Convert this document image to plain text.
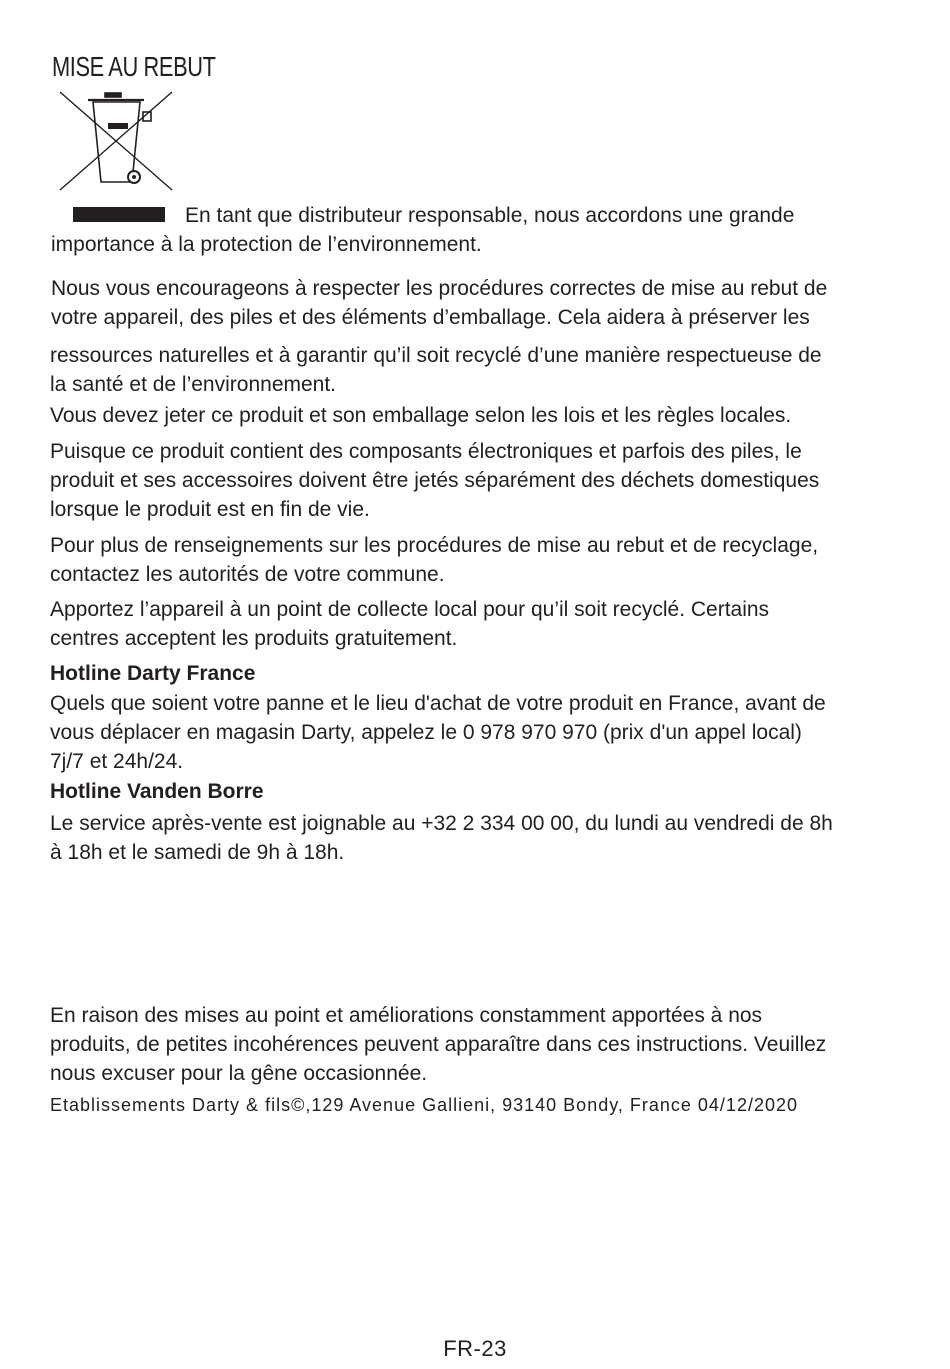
MISE AU REBUT
En tant que distributeur responsable, nous accordons une grande
importance à la protection de l’environnement.
Nous vous encourageons à respecter les procédures correctes de mise au rebut de
votre appareil, des piles et des éléments d’emballage. Cela aidera à préserver les
ressources naturelles et à garantir qu’il soit recyclé d’une manière respectueuse de
la santé et de l’environnement.
Vous devez jeter ce produit et son emballage selon les lois et les règles locales.
Puisque ce produit contient des composants électroniques et parfois des piles, le
produit et ses accessoires doivent être jetés séparément des déchets domestiques
lorsque le produit est en fin de vie.
Pour plus de renseignements sur les procédures de mise au rebut et de recyclage,
contactez les autorités de votre commune.
Apportez l’appareil à un point de collecte local pour qu’il soit recyclé. Certains
centres acceptent les produits gratuitement.
Hotline Darty France
Quels que soient votre panne et le lieu d'achat de votre produit en France, avant de
vous déplacer en magasin Darty, appelez le 0 978 970 970 (prix d'un appel local)
7j/7 et 24h/24.
Hotline Vanden Borre
Le service après-vente est joignable au +32 2 334 00 00, du lundi au vendredi de 8h
à 18h et le samedi de 9h à 18h.
En raison des mises au point et améliorations constamment apportées à nos
produits, de petites incohérences peuvent apparaître dans ces instructions. Veuillez
nous excuser pour la gêne occasionnée.
Etablissements Darty & fils©,129 Avenue Gallieni, 93140 Bondy, France 04/12/2020
FR-23
